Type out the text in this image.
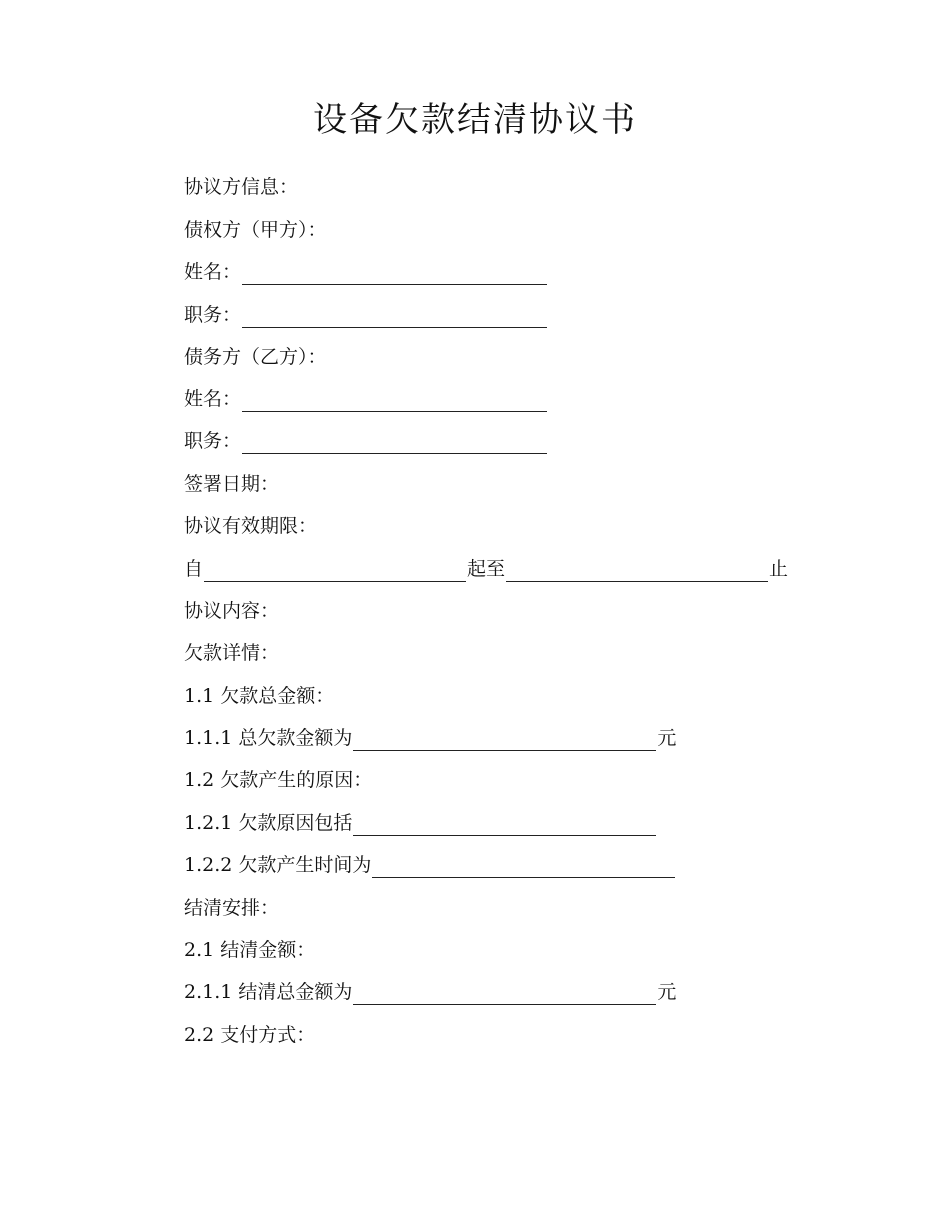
设备欠款结清协议书
协议方信息：
债权方（甲方）：
姓名：
职务：
债务方（乙方）：
姓名：
职务：
签署日期：
协议有效期限：
自	起至	止
协议内容：
欠款详情：
1.1 欠款总金额：
1.1.1 总欠款金额为	元
1.2 欠款产生的原因：
1.2.1 欠款原因包括
1.2.2 欠款产生时间为
结清安排：
2.1 结清金额：
2.1.1 结清总金额为	元
2.2 支付方式：
